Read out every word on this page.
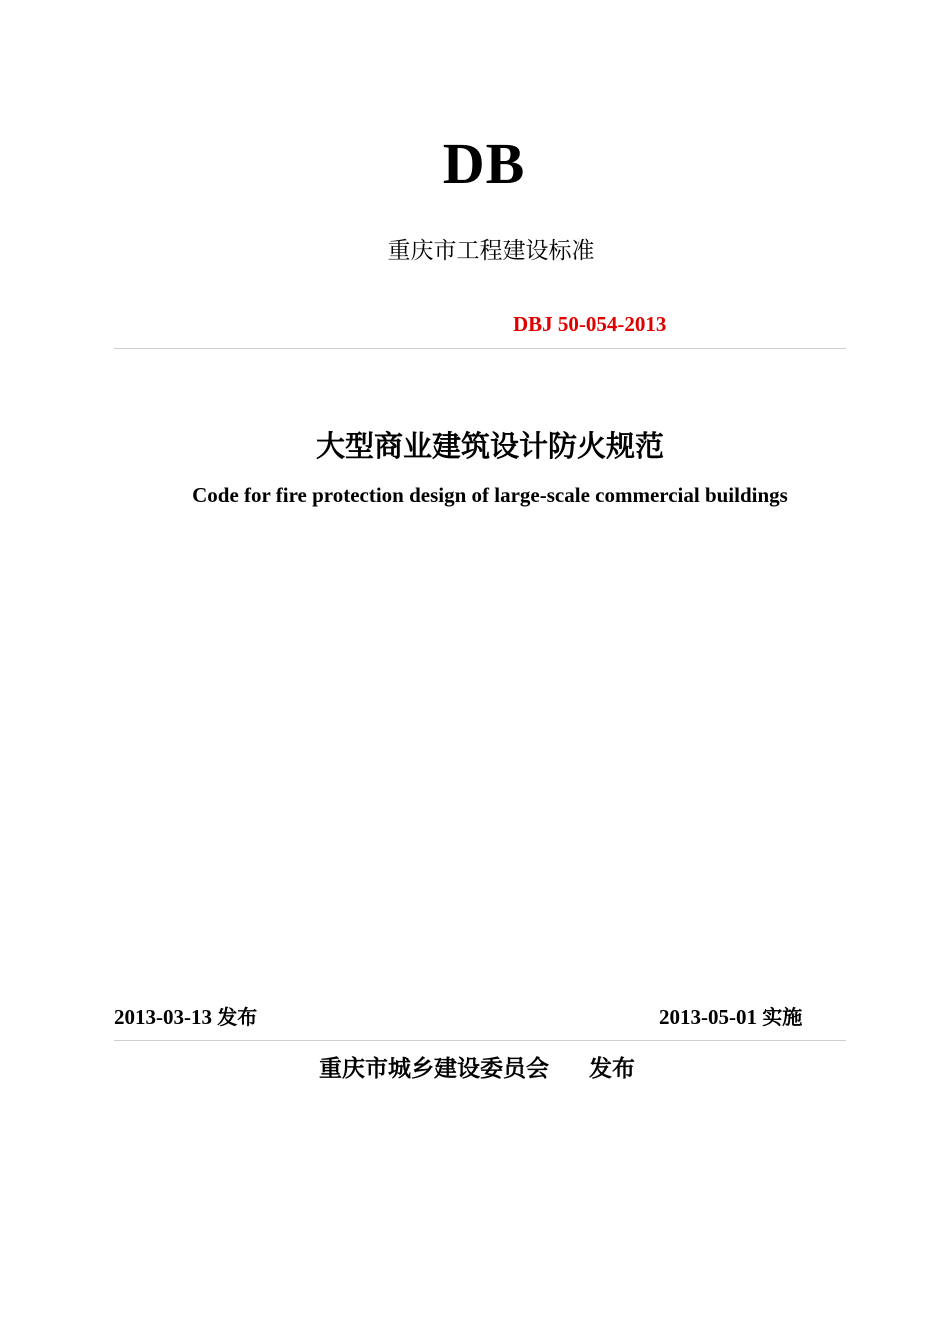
DB
重庆市工程建设标准
DBJ 50-054-2013
大型商业建筑设计防火规范
Code for fire protection design of large-scale commercial buildings
2013-03-13 发布	2013-05-01 实施
重庆市城乡建设委员会 发布
